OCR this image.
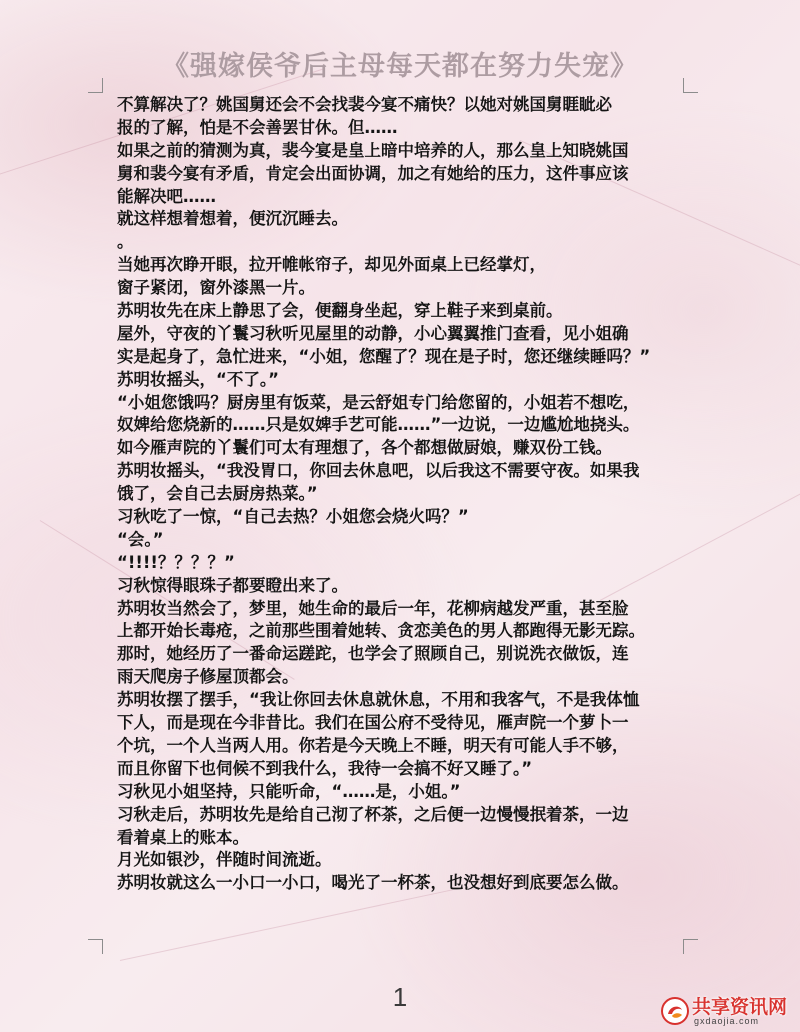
《强嫁侯爷后主母每天都在努力失宠》
不算解决了？姚国舅还会不会找裴今宴不痛快？以她对姚国舅睚眦必
报的了解，怕是不会善罢甘休。但……
如果之前的猜测为真，裴今宴是皇上暗中培养的人，那么皇上知晓姚国
舅和裴今宴有矛盾，肯定会出面协调，加之有她给的压力，这件事应该
能解决吧……
就这样想着想着，便沉沉睡去。
。
当她再次睁开眼，拉开帷帐帘子，却见外面桌上已经掌灯，
窗子紧闭，窗外漆黑一片。
苏明妆先在床上静思了会，便翻身坐起，穿上鞋子来到桌前。
屋外，守夜的丫鬟习秋听见屋里的动静，小心翼翼推门查看，见小姐确
实是起身了，急忙进来，“小姐，您醒了？现在是子时，您还继续睡吗？”
苏明妆摇头，“不了。”
“小姐您饿吗？厨房里有饭菜，是云舒姐专门给您留的，小姐若不想吃，
奴婢给您烧新的……只是奴婢手艺可能……”一边说，一边尴尬地挠头。
如今雁声院的丫鬟们可太有理想了，各个都想做厨娘，赚双份工钱。
苏明妆摇头，“我没胃口，你回去休息吧，以后我这不需要守夜。如果我
饿了，会自己去厨房热菜。”
习秋吃了一惊，“自己去热？小姐您会烧火吗？”
“会。”
“!!!!？？？？”
习秋惊得眼珠子都要瞪出来了。
苏明妆当然会了，梦里，她生命的最后一年，花柳病越发严重，甚至脸
上都开始长毒疮，之前那些围着她转、贪恋美色的男人都跑得无影无踪。
那时，她经历了一番命运蹉跎，也学会了照顾自己，别说洗衣做饭，连
雨天爬房子修屋顶都会。
苏明妆摆了摆手，“我让你回去休息就休息，不用和我客气，不是我体恤
下人，而是现在今非昔比。我们在国公府不受待见，雁声院一个萝卜一
个坑，一个人当两人用。你若是今天晚上不睡，明天有可能人手不够，
而且你留下也伺候不到我什么，我待一会搞不好又睡了。”
习秋见小姐坚持，只能听命，“……是，小姐。”
习秋走后，苏明妆先是给自己沏了杯茶，之后便一边慢慢抿着茶，一边
看着桌上的账本。
月光如银沙，伴随时间流逝。
苏明妆就这么一小口一小口，喝光了一杯茶，也没想好到底要怎么做。
1	共享资讯网
gxdaojia.com
